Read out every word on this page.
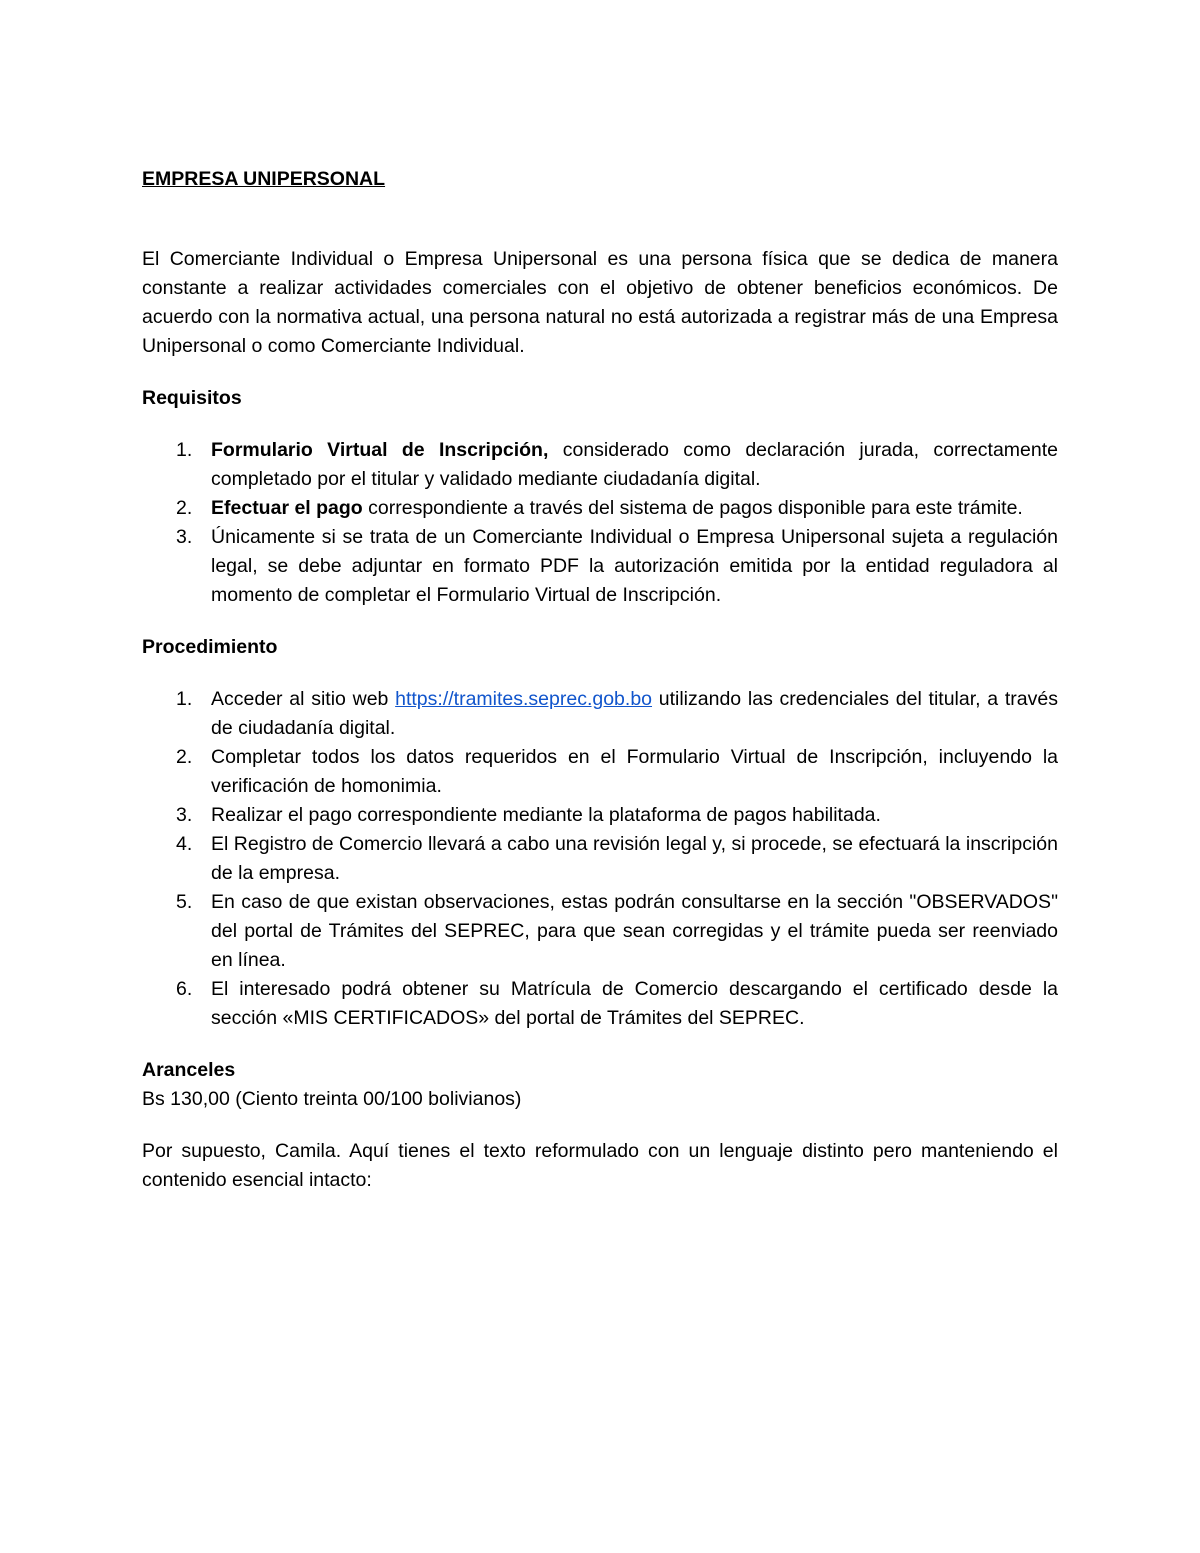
EMPRESA UNIPERSONAL

El Comerciante Individual o Empresa Unipersonal es una persona física que se dedica de manera constante a realizar actividades comerciales con el objetivo de obtener beneficios económicos. De acuerdo con la normativa actual, una persona natural no está autorizada a registrar más de una Empresa Unipersonal o como Comerciante Individual.

Requisitos

1. Formulario Virtual de Inscripción, considerado como declaración jurada, correctamente completado por el titular y validado mediante ciudadanía digital.
2. Efectuar el pago correspondiente a través del sistema de pagos disponible para este trámite.
3. Únicamente si se trata de un Comerciante Individual o Empresa Unipersonal sujeta a regulación legal, se debe adjuntar en formato PDF la autorización emitida por la entidad reguladora al momento de completar el Formulario Virtual de Inscripción.

Procedimiento

1. Acceder al sitio web https://tramites.seprec.gob.bo utilizando las credenciales del titular, a través de ciudadanía digital.
2. Completar todos los datos requeridos en el Formulario Virtual de Inscripción, incluyendo la verificación de homonimia.
3. Realizar el pago correspondiente mediante la plataforma de pagos habilitada.
4. El Registro de Comercio llevará a cabo una revisión legal y, si procede, se efectuará la inscripción de la empresa.
5. En caso de que existan observaciones, estas podrán consultarse en la sección "OBSERVADOS" del portal de Trámites del SEPREC, para que sean corregidas y el trámite pueda ser reenviado en línea.
6. El interesado podrá obtener su Matrícula de Comercio descargando el certificado desde la sección «MIS CERTIFICADOS» del portal de Trámites del SEPREC.

Aranceles

Bs 130,00 (Ciento treinta 00/100 bolivianos)

Por supuesto, Camila. Aquí tienes el texto reformulado con un lenguaje distinto pero manteniendo el contenido esencial intacto:
